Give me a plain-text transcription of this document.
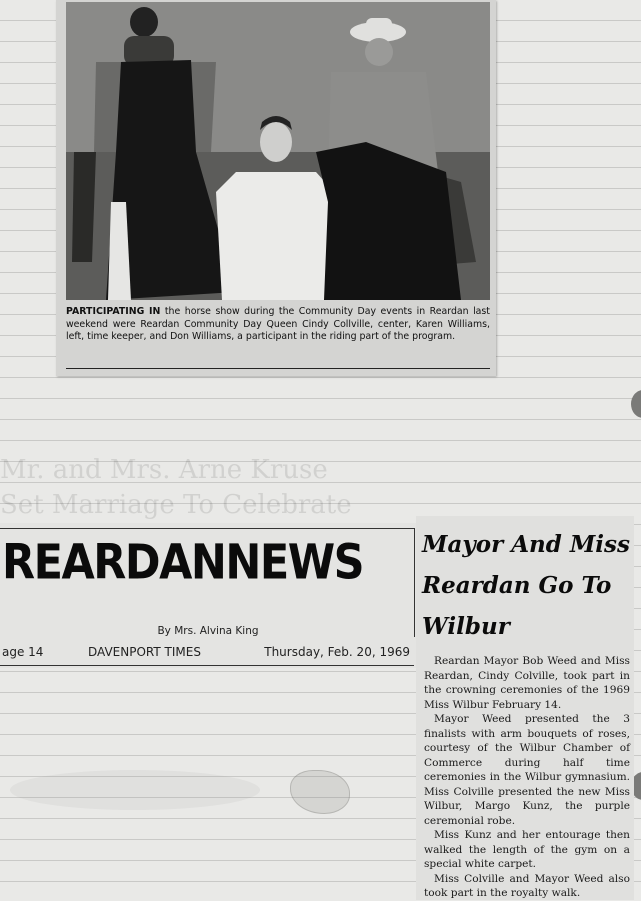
Mr. and Mrs. Arne Kruse
Set Marriage To Celebrate
PARTICIPATING IN the horse show during the Community Day events in Reardan last weekend were Reardan Community Day Queen Cindy Collville, center, Karen Williams, left, time keeper, and Don Williams, a participant in the riding part of the program.
REARDANNEWS
By Mrs. Alvina King
age 14	DAVENPORT TIMES	Thursday, Feb. 20, 1969
Mayor And Miss Reardan Go To Wilbur

Reardan Mayor Bob Weed and Miss Reardan, Cindy Colville, took part in the crowning ceremonies of the 1969 Miss Wilbur February 14.

Mayor Weed presented the 3 finalists with arm bouquets of roses, courtesy of the Wilbur Chamber of Commerce during half time ceremonies in the Wilbur gymnasium. Miss Colville presented the new Miss Wilbur, Margo Kunz, the purple ceremonial robe.

Miss Kunz and her entourage then walked the length of the gym on a special white carpet.

Miss Colville and Mayor Weed also took part in the royalty walk.
